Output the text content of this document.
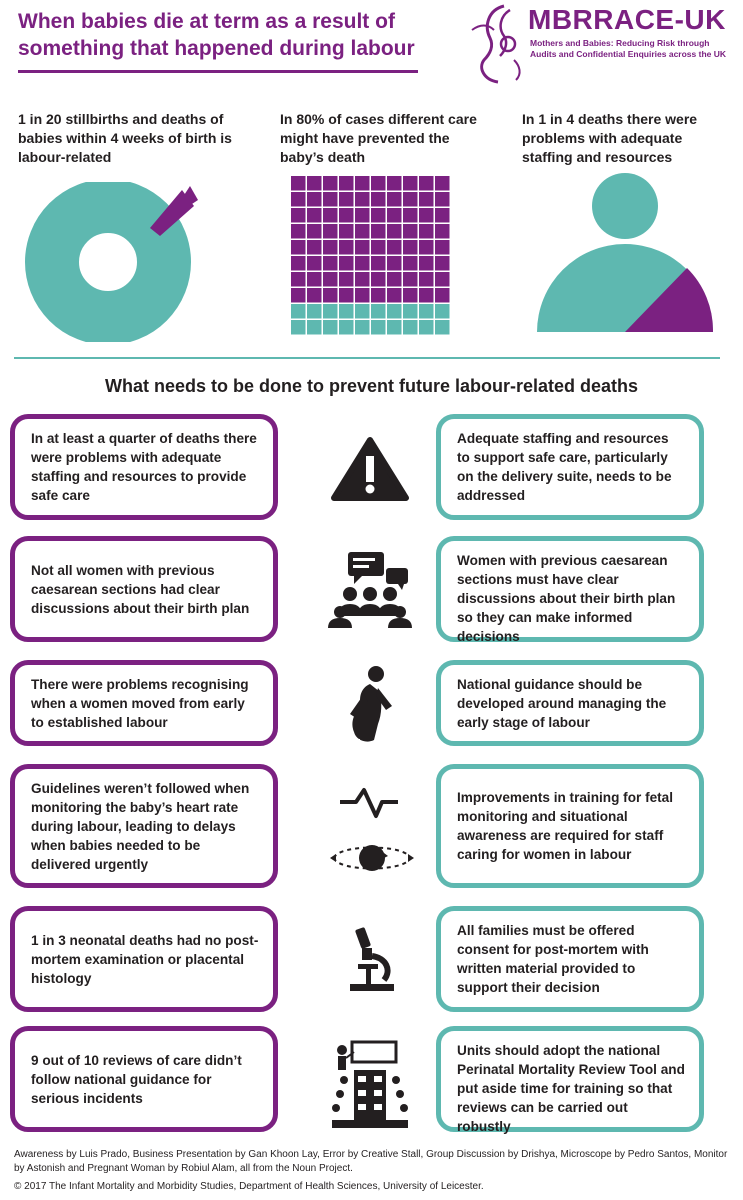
When babies die at term as a result of
something that happened during labour
MBRRACE-UK
Mothers and Babies: Reducing Risk through Audits and Confidential Enquiries across the UK
1 in 20 stillbirths and deaths of babies within 4 weeks of birth is labour-related
In 80% of cases different care might have prevented the baby’s death
In 1 in 4 deaths there were problems with adequate staffing and resources
What needs to be done to prevent future labour-related deaths
In at least a quarter of deaths there were problems with adequate staffing and resources to provide safe care
Adequate staffing and resources to support safe care, particularly on the delivery suite, needs to be addressed
Not all women with previous caesarean sections had clear discussions about their birth plan
Women with previous caesarean sections must have clear discussions about their birth plan so they can make informed decisions
There were problems recognising when a women moved from early to established labour
National guidance should be developed around managing the early stage of labour
Guidelines weren’t followed when monitoring the baby’s heart rate during labour, leading to delays when babies needed to be delivered urgently
Improvements in training for fetal monitoring and situational awareness are required for staff caring for women in labour
1 in 3 neonatal deaths had no post-mortem examination or placental histology
All families must be offered consent for post-mortem with written material provided to support their decision
9 out of 10 reviews of care didn’t follow national guidance for serious incidents
Units should adopt the national Perinatal Mortality Review Tool and put aside time for training so that reviews can be carried out robustly
Awareness by Luis Prado, Business Presentation by Gan Khoon Lay, Error by Creative Stall, Group Discussion by Drishya, Microscope by Pedro Santos, Monitor by Astonish and Pregnant Woman by Robiul Alam, all from the Noun Project.
© 2017 The Infant Mortality and Morbidity Studies, Department of Health Sciences, University of Leicester.
